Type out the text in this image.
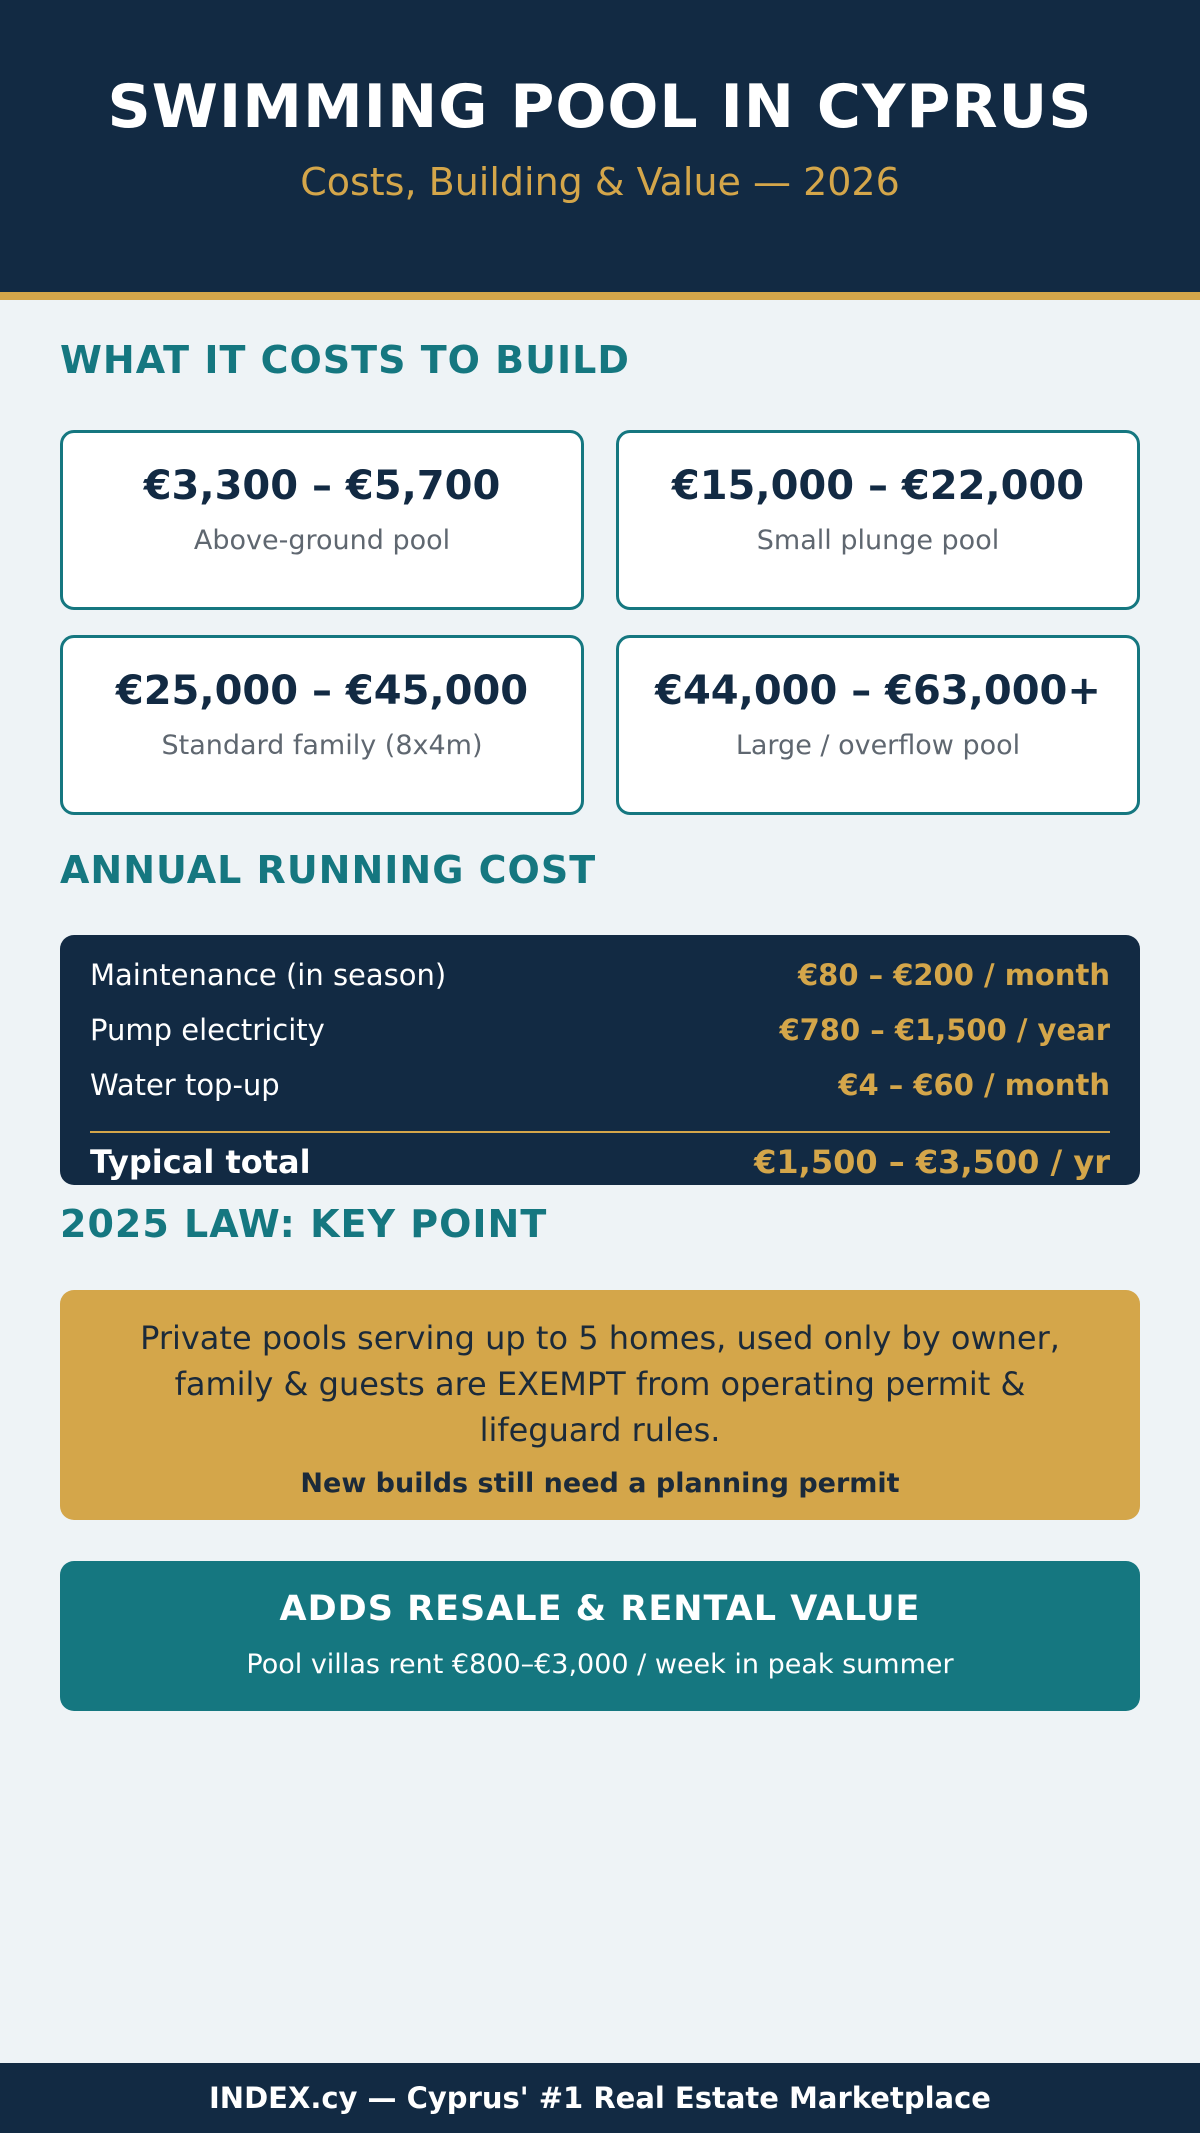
SWIMMING POOL IN CYPRUS
Costs, Building & Value — 2026
WHAT IT COSTS TO BUILD
€3,300 – €5,700
Above-ground pool
€15,000 – €22,000
Small plunge pool
€25,000 – €45,000
Standard family (8x4m)
€44,000 – €63,000+
Large / overflow pool
ANNUAL RUNNING COST
Maintenance (in season)	€80 – €200 / month
Pump electricity	€780 – €1,500 / year
Water top-up	€4 – €60 / month
Typical total	€1,500 – €3,500 / yr
2025 LAW: KEY POINT
Private pools serving up to 5 homes, used only by owner, family & guests are EXEMPT from operating permit & lifeguard rules.
New builds still need a planning permit
ADDS RESALE & RENTAL VALUE
Pool villas rent €800–€3,000 / week in peak summer
INDEX.cy — Cyprus' #1 Real Estate Marketplace
